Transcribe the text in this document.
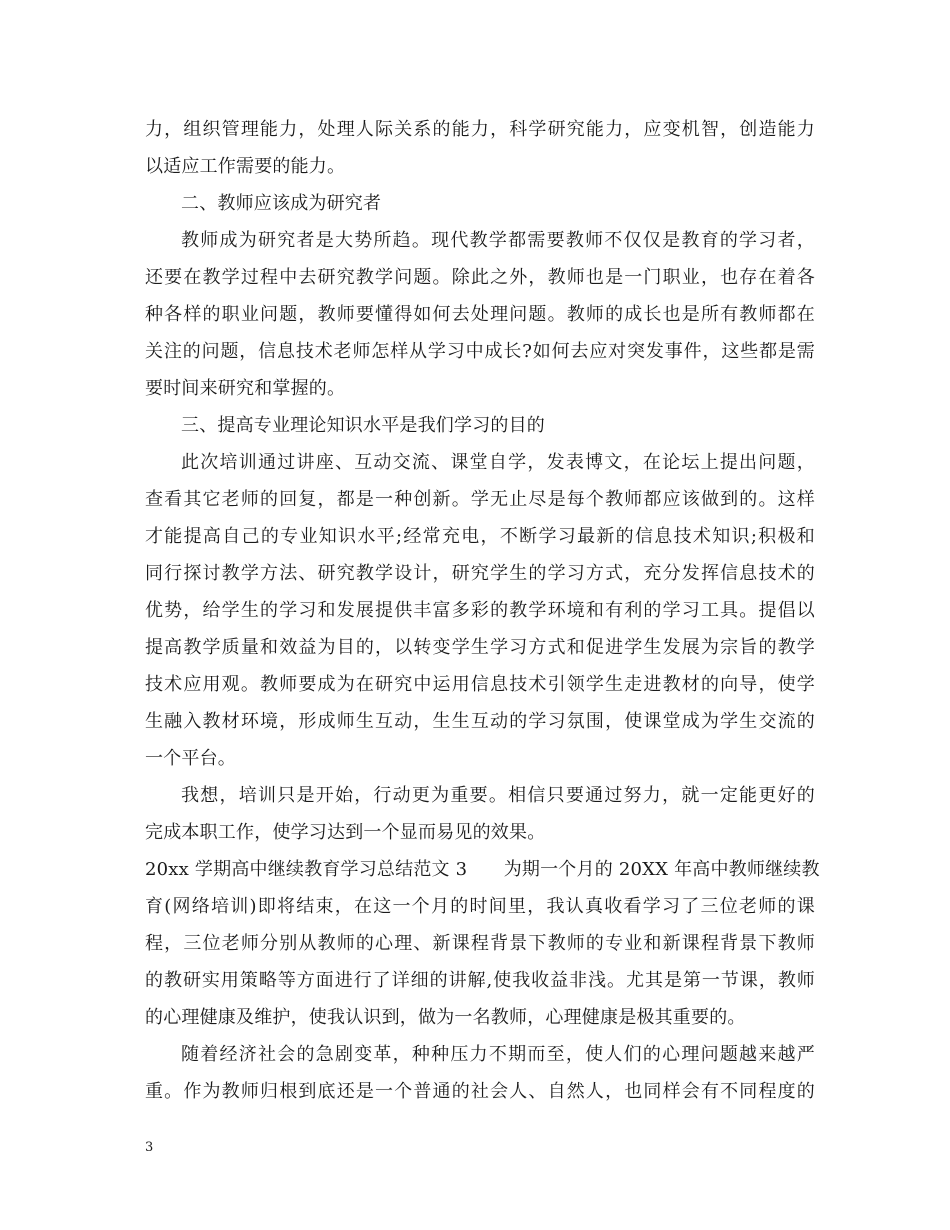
力，组织管理能力，处理人际关系的能力，科学研究能力，应变机智，创造能力
以适应工作需要的能力。
二、教师应该成为研究者
教师成为研究者是大势所趋。现代教学都需要教师不仅仅是教育的学习者，
还要在教学过程中去研究教学问题。除此之外，教师也是一门职业，也存在着各
种各样的职业问题，教师要懂得如何去处理问题。教师的成长也是所有教师都在
关注的问题，信息技术老师怎样从学习中成长?如何去应对突发事件，这些都是需
要时间来研究和掌握的。
三、提高专业理论知识水平是我们学习的目的
此次培训通过讲座、互动交流、课堂自学，发表博文，在论坛上提出问题，
查看其它老师的回复，都是一种创新。学无止尽是每个教师都应该做到的。这样
才能提高自己的专业知识水平;经常充电，不断学习最新的信息技术知识;积极和
同行探讨教学方法、研究教学设计，研究学生的学习方式，充分发挥信息技术的
优势，给学生的学习和发展提供丰富多彩的教学环境和有利的学习工具。提倡以
提高教学质量和效益为目的，以转变学生学习方式和促进学生发展为宗旨的教学
技术应用观。教师要成为在研究中运用信息技术引领学生走进教材的向导，使学
生融入教材环境，形成师生互动，生生互动的学习氛围，使课堂成为学生交流的
一个平台。
我想，培训只是开始，行动更为重要。相信只要通过努力，就一定能更好的
完成本职工作，使学习达到一个显而易见的效果。
20xx 学期高中继续教育学习总结范文 3　　为期一个月的 20XX 年高中教师继续教
育(网络培训)即将结束，在这一个月的时间里，我认真收看学习了三位老师的课
程，三位老师分别从教师的心理、新课程背景下教师的专业和新课程背景下教师
的教研实用策略等方面进行了详细的讲解,使我收益非浅。尤其是第一节课，教师
的心理健康及维护，使我认识到，做为一名教师，心理健康是极其重要的。
随着经济社会的急剧变革，种种压力不期而至，使人们的心理问题越来越严
重。作为教师归根到底还是一个普通的社会人、自然人，也同样会有不同程度的
3
